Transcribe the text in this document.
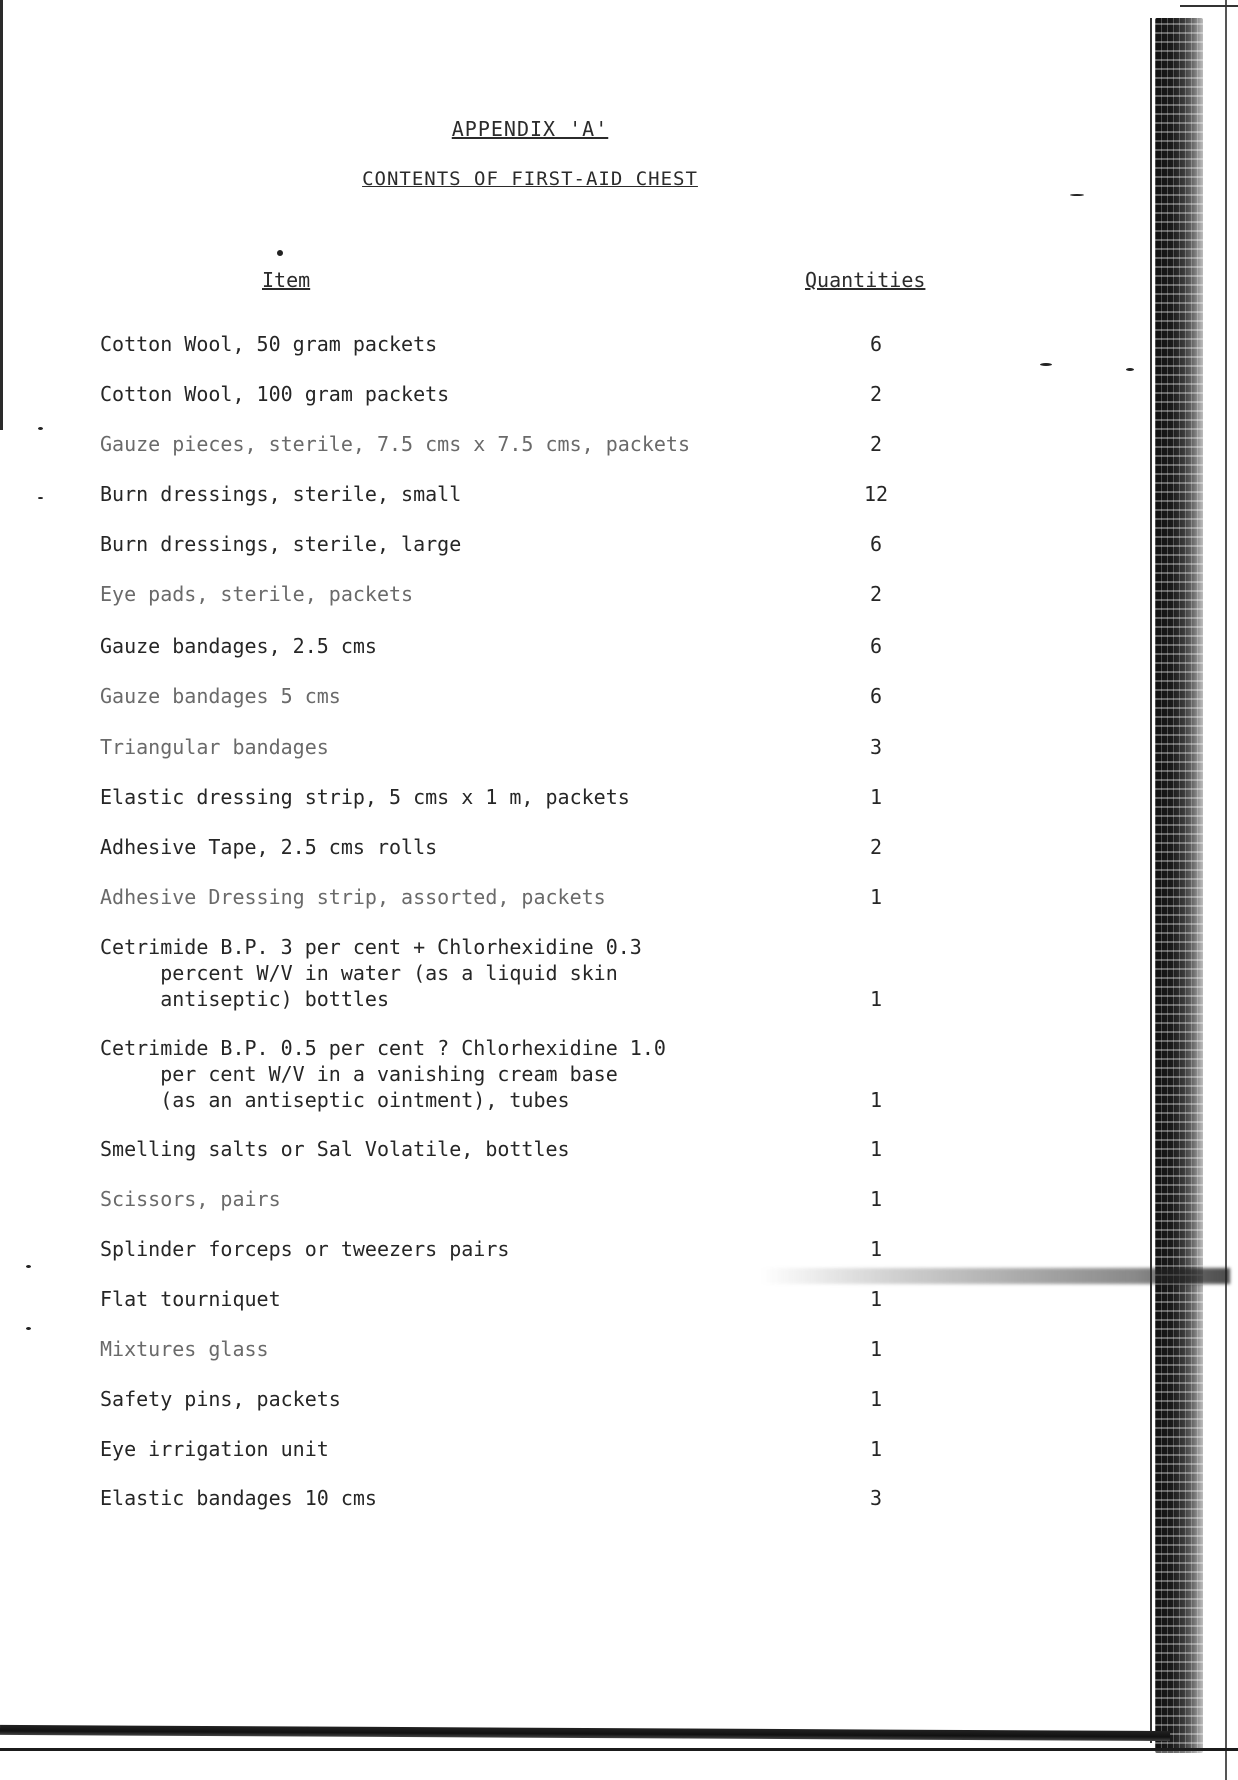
APPENDIX 'A'
CONTENTS OF FIRST-AID CHEST
Item	Quantities
Cotton Wool, 50 gram packets	6
Cotton Wool, 100 gram packets	2
Gauze pieces, sterile, 7.5 cms x 7.5 cms, packets	2
Burn dressings, sterile, small	12
Burn dressings, sterile, large	6
Eye pads, sterile, packets	2
Gauze bandages, 2.5 cms	6
Gauze bandages 5 cms	6
Triangular bandages	3
Elastic dressing strip, 5 cms x 1 m, packets	1
Adhesive Tape, 2.5 cms rolls	2
Adhesive Dressing strip, assorted, packets	1
Cetrimide B.P. 3 per cent + Chlorhexidine 0.3
percent W/V in water (as a liquid skin
antiseptic) bottles	1
Cetrimide B.P. 0.5 per cent ? Chlorhexidine 1.0
per cent W/V in a vanishing cream base
(as an antiseptic ointment), tubes	1
Smelling salts or Sal Volatile, bottles	1
Scissors, pairs	1
Splinder forceps or tweezers pairs	1
Flat tourniquet	1
Mixtures glass	1
Safety pins, packets	1
Eye irrigation unit	1
Elastic bandages 10 cms	3
